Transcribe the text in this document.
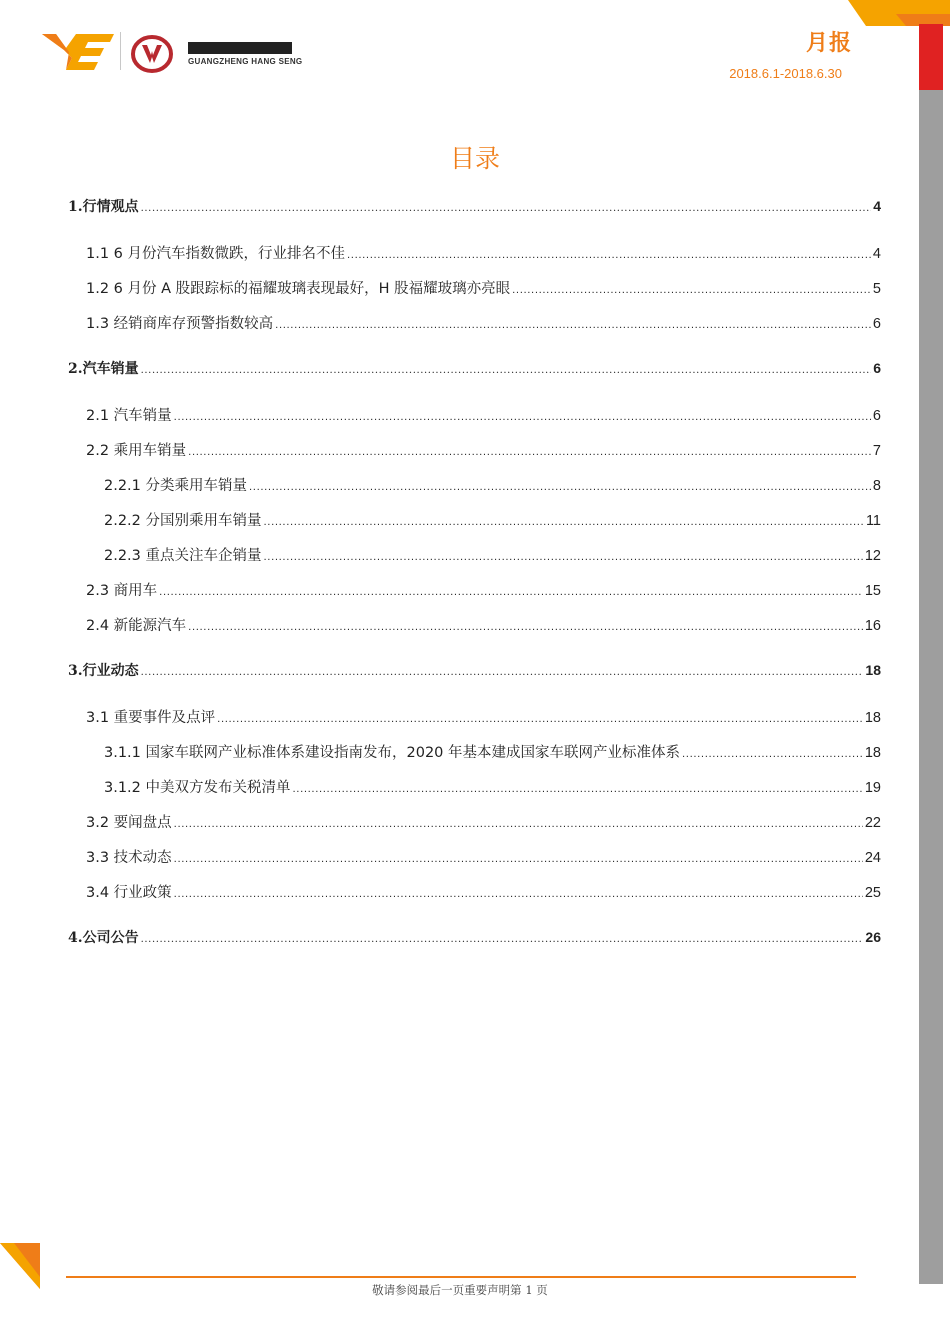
GUANGZHENG HANG SENG
月报
2018.6.1-2018.6.30
目录
1.行情观点 .....	4
1.1 6 月份汽车指数微跌，行业排名不佳 .....	4
1.2 6 月份 A 股跟踪标的福耀玻璃表现最好，H 股福耀玻璃亦亮眼 .....	5
1.3 经销商库存预警指数较高 .....	6
2.汽车销量 .....	6
2.1 汽车销量 .....	6
2.2 乘用车销量 .....	7
2.2.1 分类乘用车销量 .....	8
2.2.2 分国别乘用车销量 .....	11
2.2.3 重点关注车企销量 .....	12
2.3 商用车 .....	15
2.4 新能源汽车 .....	16
3.行业动态 .....	18
3.1 重要事件及点评 .....	18
3.1.1 国家车联网产业标准体系建设指南发布，2020 年基本建成国家车联网产业标准体系 .....	18
3.1.2 中美双方发布关税清单 .....	19
3.2 要闻盘点 .....	22
3.3 技术动态 .....	24
3.4 行业政策 .....	25
4.公司公告 .....	26
敬请参阅最后一页重要声明第 1 页
